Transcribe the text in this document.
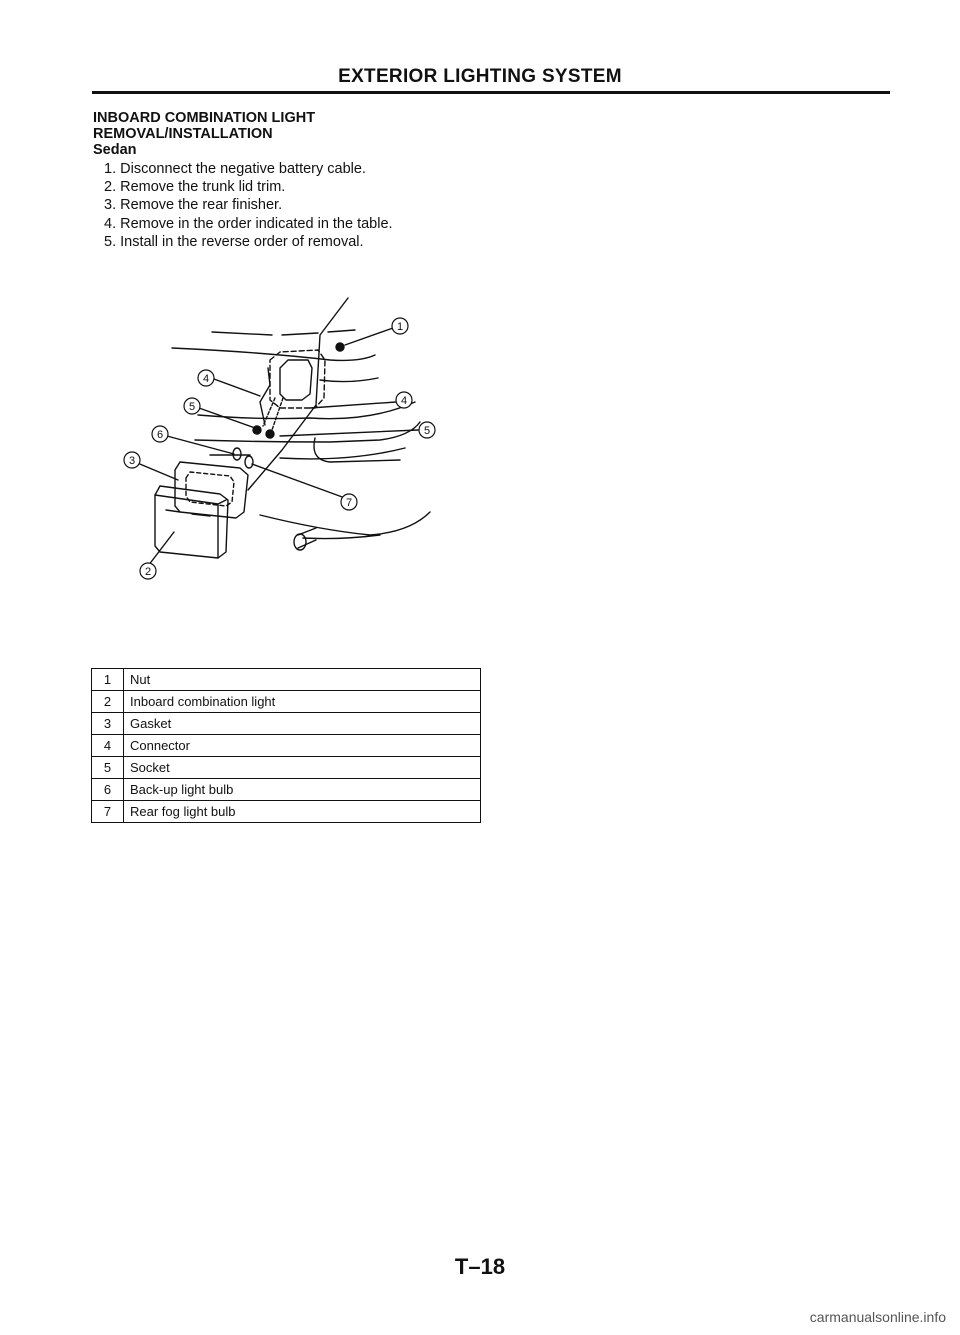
EXTERIOR LIGHTING SYSTEM
INBOARD COMBINATION LIGHT
REMOVAL/INSTALLATION
Sedan
1. Disconnect the negative battery cable.
2. Remove the trunk lid trim.
3. Remove the rear finisher.
4. Remove in the order indicated in the table.
5. Install in the reverse order of removal.
1
2
3
4
4
5
5
6
7
1	Nut
2	Inboard combination light
3	Gasket
4	Connector
5	Socket
6	Back-up light bulb
7	Rear fog light bulb
T–18
carmanualsonline.info
